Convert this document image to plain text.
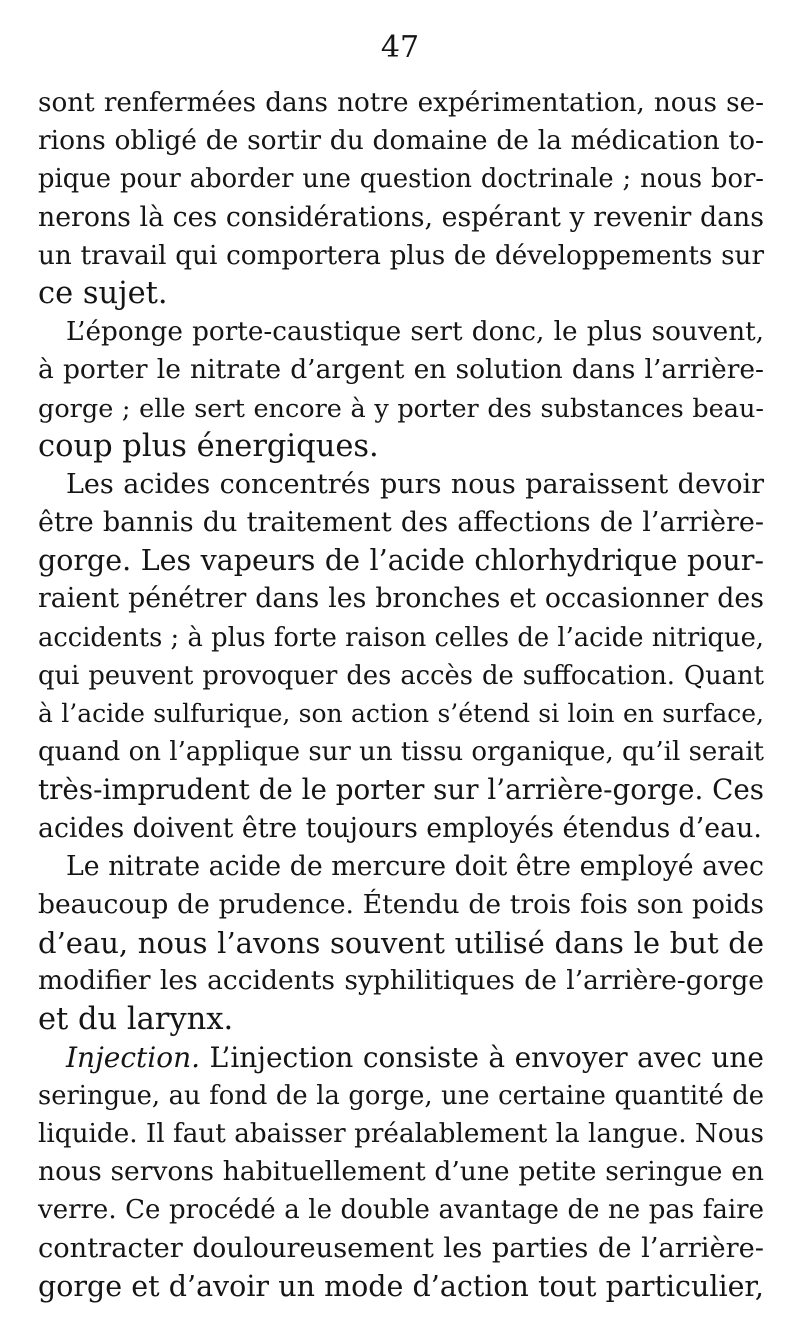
47
sont renfermées dans notre expérimentation, nous se-
rions obligé de sortir du domaine de la médication to-
pique pour aborder une question doctrinale ; nous bor-
nerons là ces considérations, espérant y revenir dans
un travail qui comportera plus de développements sur
ce sujet.
L’éponge porte-caustique sert donc, le plus souvent,
à porter le nitrate d’argent en solution dans l’arrière-
gorge ; elle sert encore à y porter des substances beau-
coup plus énergiques.
Les acides concentrés purs nous paraissent devoir
être bannis du traitement des affections de l’arrière-
gorge. Les vapeurs de l’acide chlorhydrique pour-
raient pénétrer dans les bronches et occasionner des
accidents ; à plus forte raison celles de l’acide nitrique,
qui peuvent provoquer des accès de suffocation. Quant
à l’acide sulfurique, son action s’étend si loin en surface,
quand on l’applique sur un tissu organique, qu’il serait
très-imprudent de le porter sur l’arrière-gorge. Ces
acides doivent être toujours employés étendus d’eau.
Le nitrate acide de mercure doit être employé avec
beaucoup de prudence. Étendu de trois fois son poids
d’eau, nous l’avons souvent utilisé dans le but de
modifier les accidents syphilitiques de l’arrière-gorge
et du larynx.
Injection. L’injection consiste à envoyer avec une
seringue, au fond de la gorge, une certaine quantité de
liquide. Il faut abaisser préalablement la langue. Nous
nous servons habituellement d’une petite seringue en
verre. Ce procédé a le double avantage de ne pas faire
contracter douloureusement les parties de l’arrière-
gorge et d’avoir un mode d’action tout particulier,
